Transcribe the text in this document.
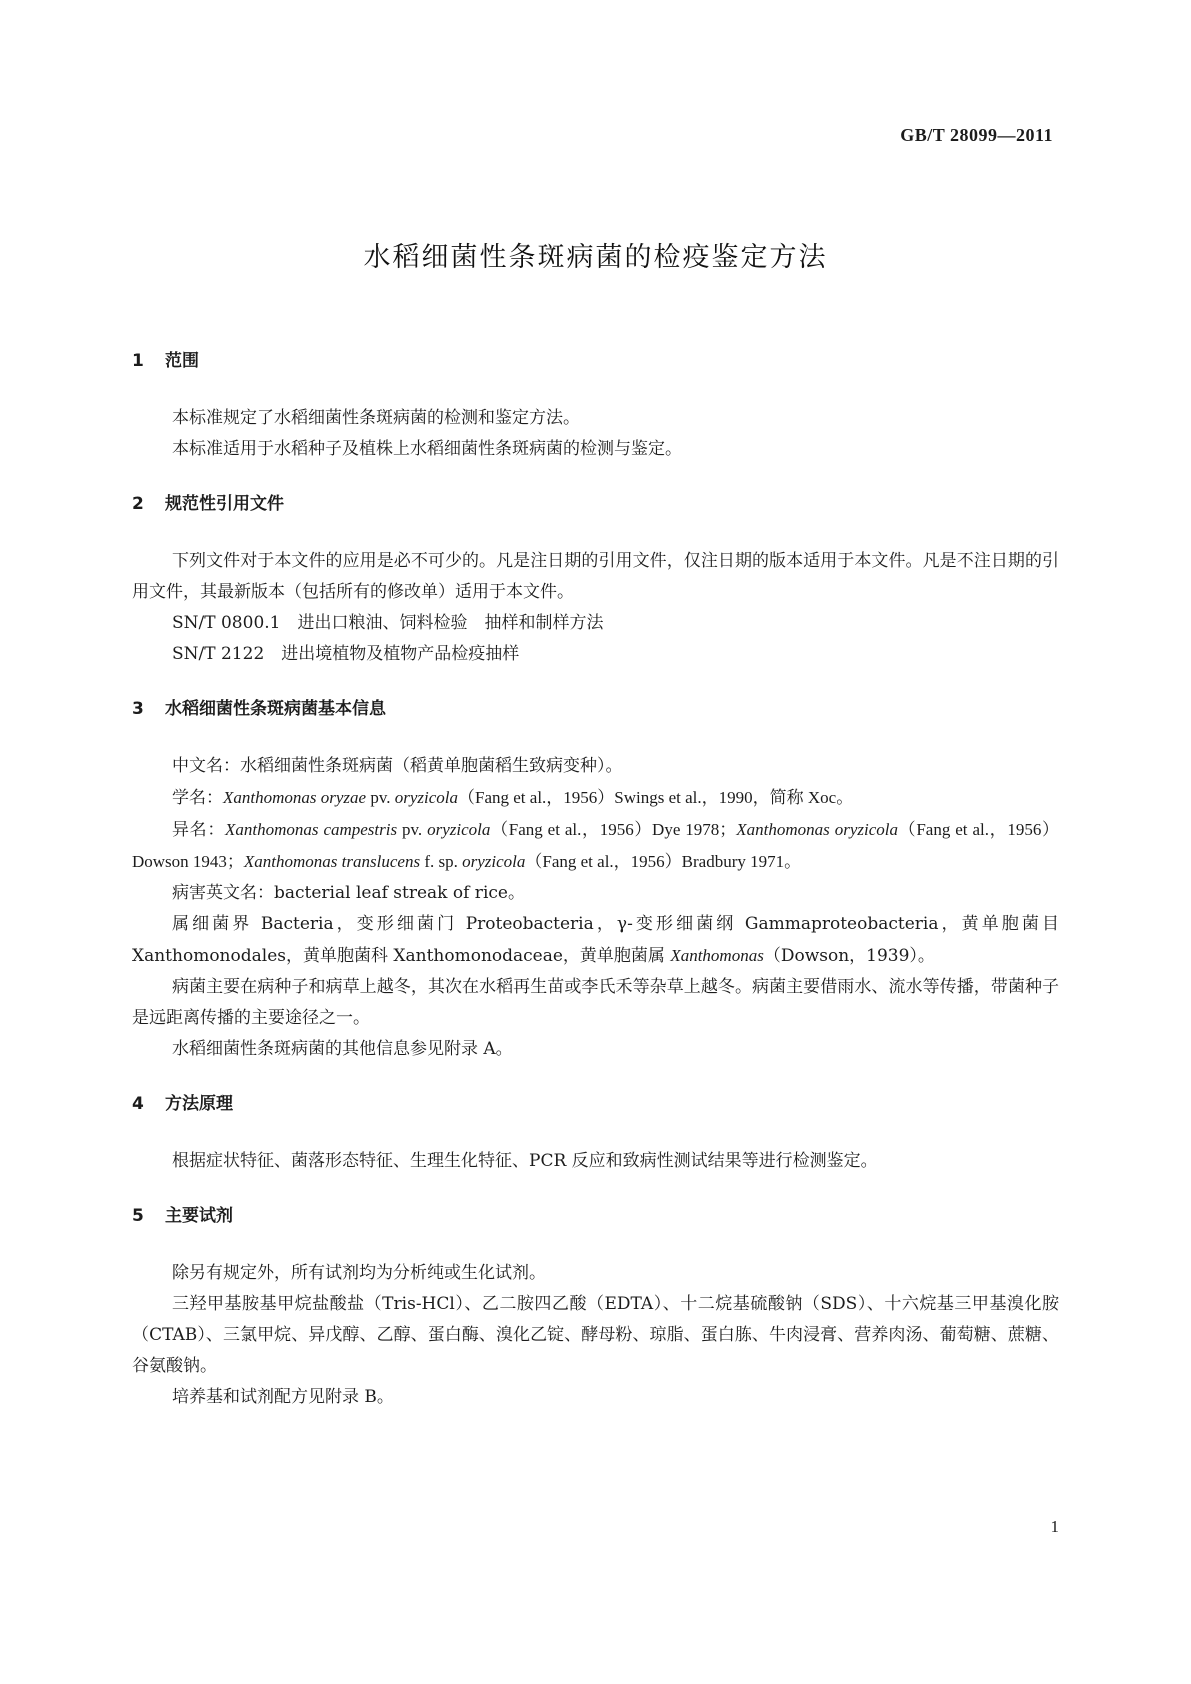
GB/T 28099—2011
水稻细菌性条斑病菌的检疫鉴定方法
1 范围

本标准规定了水稻细菌性条斑病菌的检测和鉴定方法。

本标准适用于水稻种子及植株上水稻细菌性条斑病菌的检测与鉴定。

2 规范性引用文件

下列文件对于本文件的应用是必不可少的。凡是注日期的引用文件，仅注日期的版本适用于本文件。凡是不注日期的引用文件，其最新版本（包括所有的修改单）适用于本文件。

SN/T 0800.1　进出口粮油、饲料检验　抽样和制样方法

SN/T 2122　进出境植物及植物产品检疫抽样

3 水稻细菌性条斑病菌基本信息

中文名：水稻细菌性条斑病菌（稻黄单胞菌稻生致病变种）。

学名：Xanthomonas oryzae pv. oryzicola（Fang et al.，1956）Swings et al.，1990，简称 Xoc。

异名：Xanthomonas campestris pv. oryzicola（Fang et al.，1956）Dye 1978；Xanthomonas oryzicola（Fang et al.，1956）Dowson 1943；Xanthomonas translucens f. sp. oryzicola（Fang et al.，1956）Bradbury 1971。

病害英文名：bacterial leaf streak of rice。

属细菌界 Bacteria，变形细菌门 Proteobacteria，γ-变形细菌纲 Gammaproteobacteria，黄单胞菌目 Xanthomonodales，黄单胞菌科 Xanthomonodaceae，黄单胞菌属 Xanthomonas（Dowson，1939）。

病菌主要在病种子和病草上越冬，其次在水稻再生苗或李氏禾等杂草上越冬。病菌主要借雨水、流水等传播，带菌种子是远距离传播的主要途径之一。

水稻细菌性条斑病菌的其他信息参见附录 A。

4 方法原理

根据症状特征、菌落形态特征、生理生化特征、PCR 反应和致病性测试结果等进行检测鉴定。

5 主要试剂

除另有规定外，所有试剂均为分析纯或生化试剂。

三羟甲基胺基甲烷盐酸盐（Tris-HCl）、乙二胺四乙酸（EDTA）、十二烷基硫酸钠（SDS）、十六烷基三甲基溴化胺（CTAB）、三氯甲烷、异戊醇、乙醇、蛋白酶、溴化乙锭、酵母粉、琼脂、蛋白胨、牛肉浸膏、营养肉汤、葡萄糖、蔗糖、谷氨酸钠。

培养基和试剂配方见附录 B。

1
